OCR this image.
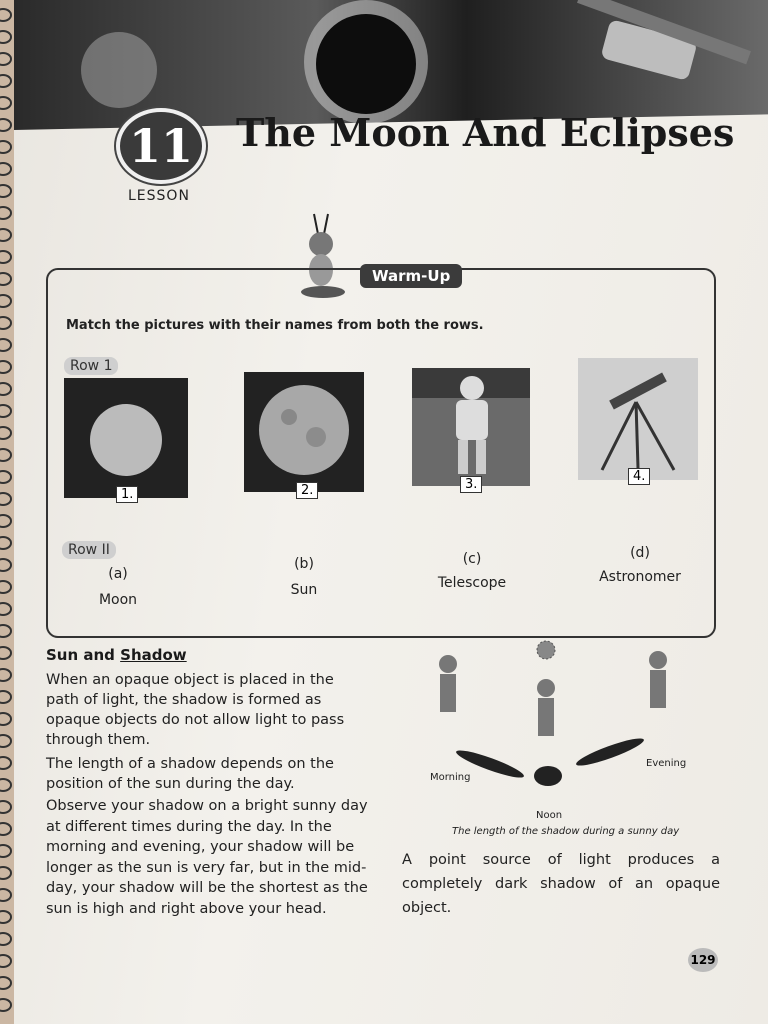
11	The Moon And Eclipses
LESSON
Warm-Up
Match the pictures with their names from both the rows.
Row 1
1.	2.	3.
4.
Row II
(a)
Moon
(b)
Sun
(c)
Telescope
(d)
Astronomer
Sun and Shadow
When an opaque object is placed in the path of light, the shadow is formed as opaque objects do not allow light to pass through them.
The length of a shadow depends on the position of the sun during the day.
Observe your shadow on a bright sunny day at different times during the day. In the morning and evening, your shadow will be longer as the sun is very far, but in the mid-day, your shadow will be the shortest as the sun is high and right above your head.
Morning
Noon
Evening
The length of the shadow during a sunny day
A point source of light produces a completely dark shadow of an opaque object.
129
